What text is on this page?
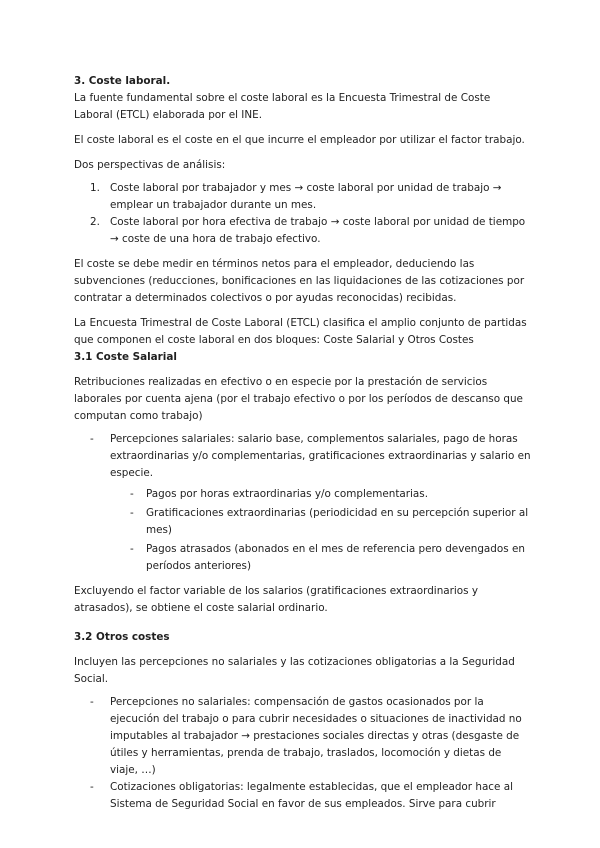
3. Coste laboral.

La fuente fundamental sobre el coste laboral es la Encuesta Trimestral de Coste Laboral (ETCL) elaborada por el INE.

El coste laboral es el coste en el que incurre el empleador por utilizar el factor trabajo.

Dos perspectivas de análisis:

1. Coste laboral por trabajador y mes → coste laboral por unidad de trabajo → emplear un trabajador durante un mes.
2. Coste laboral por hora efectiva de trabajo → coste laboral por unidad de tiempo → coste de una hora de trabajo efectivo.

El coste se debe medir en términos netos para el empleador, deduciendo las subvenciones (reducciones, bonificaciones en las liquidaciones de las cotizaciones por contratar a determinados colectivos o por ayudas reconocidas) recibidas.

La Encuesta Trimestral de Coste Laboral (ETCL) clasifica el amplio conjunto de partidas que componen el coste laboral en dos bloques: Coste Salarial y Otros Costes

3.1 Coste Salarial

Retribuciones realizadas en efectivo o en especie por la prestación de servicios laborales por cuenta ajena (por el trabajo efectivo o por los períodos de descanso que computan como trabajo)

- Percepciones salariales: salario base, complementos salariales, pago de horas extraordinarias y/o complementarias, gratificaciones extraordinarias y salario en especie.
- Pagos por horas extraordinarias y/o complementarias.
- Gratificaciones extraordinarias (periodicidad en su percepción superior al mes)
- Pagos atrasados (abonados en el mes de referencia pero devengados en períodos anteriores)

Excluyendo el factor variable de los salarios (gratificaciones extraordinarios y atrasados), se obtiene el coste salarial ordinario.

3.2 Otros costes

Incluyen las percepciones no salariales y las cotizaciones obligatorias a la Seguridad Social.

- Percepciones no salariales: compensación de gastos ocasionados por la ejecución del trabajo o para cubrir necesidades o situaciones de inactividad no imputables al trabajador → prestaciones sociales directas y otras (desgaste de útiles y herramientas, prenda de trabajo, traslados, locomoción y dietas de viaje, …)
- Cotizaciones obligatorias: legalmente establecidas, que el empleador hace al Sistema de Seguridad Social en favor de sus empleados. Sirve para cubrir
